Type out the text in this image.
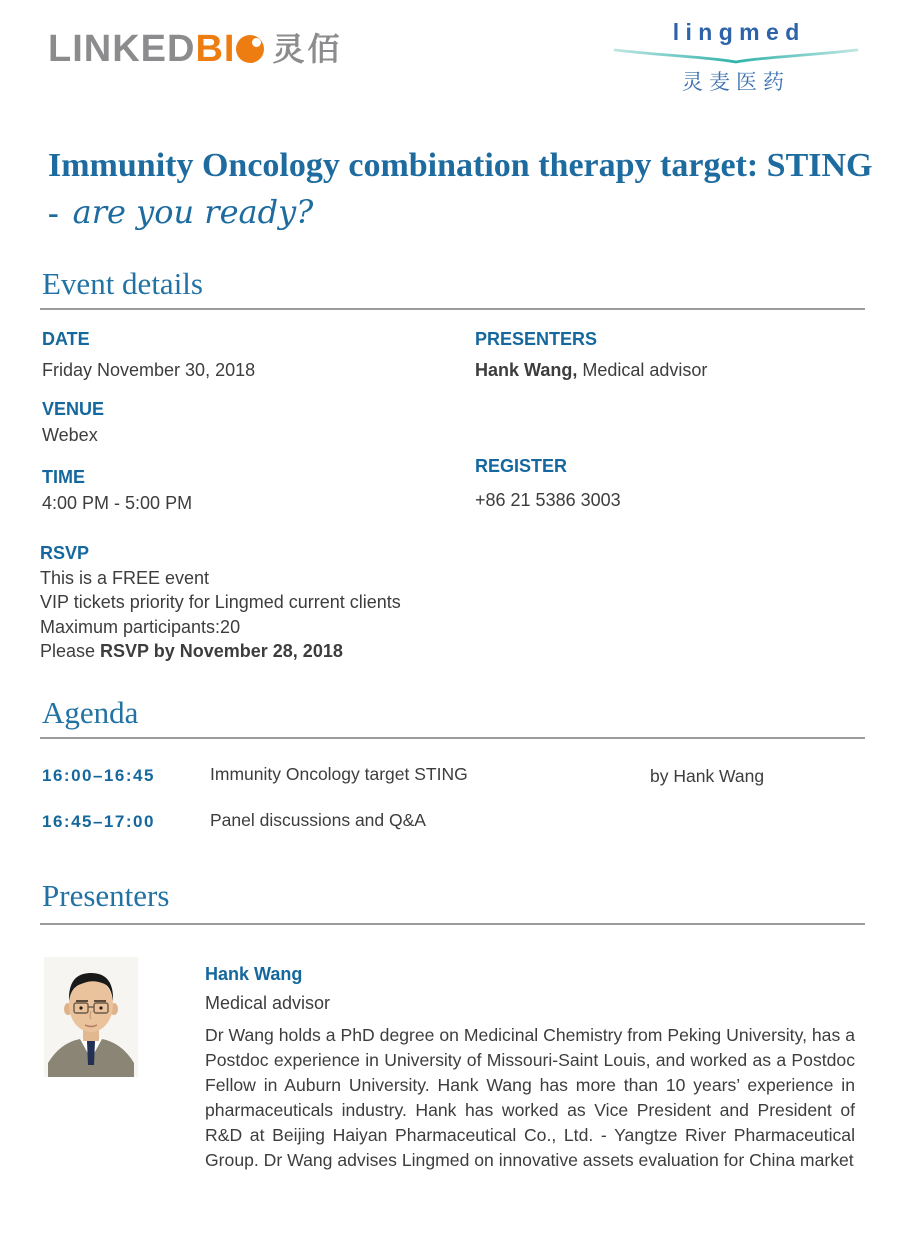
LINKED BI 灵佰	l i n g m e d
灵麦医药
Immunity Oncology combination therapy target: STING
- are you ready?
Event details
DATE
Friday November 30, 2018
VENUE
Webex
TIME
4:00 PM - 5:00 PM
PRESENTERS
Hank Wang, Medical advisor
REGISTER
+86 21 5386 3003
RSVP
This is a FREE event
VIP tickets priority for Lingmed current clients
Maximum participants:20
Please RSVP by November 28, 2018
Agenda
16:00–16:45	Immunity Oncology target STING	by Hank Wang
16:45–17:00	Panel discussions and Q&A
Presenters
Hank Wang
Medical advisor
Dr Wang holds a PhD degree on Medicinal Chemistry from Peking University, has a Postdoc experience in University of Missouri-Saint Louis, and worked as a Postdoc Fellow in Auburn University. Hank Wang has more than 10 years’ experience in pharmaceuticals industry. Hank has worked as Vice President and President of R&D at Beijing Haiyan Pharmaceutical Co., Ltd. - Yangtze River Pharmaceutical Group. Dr Wang advises Lingmed on innovative assets evaluation for China market
